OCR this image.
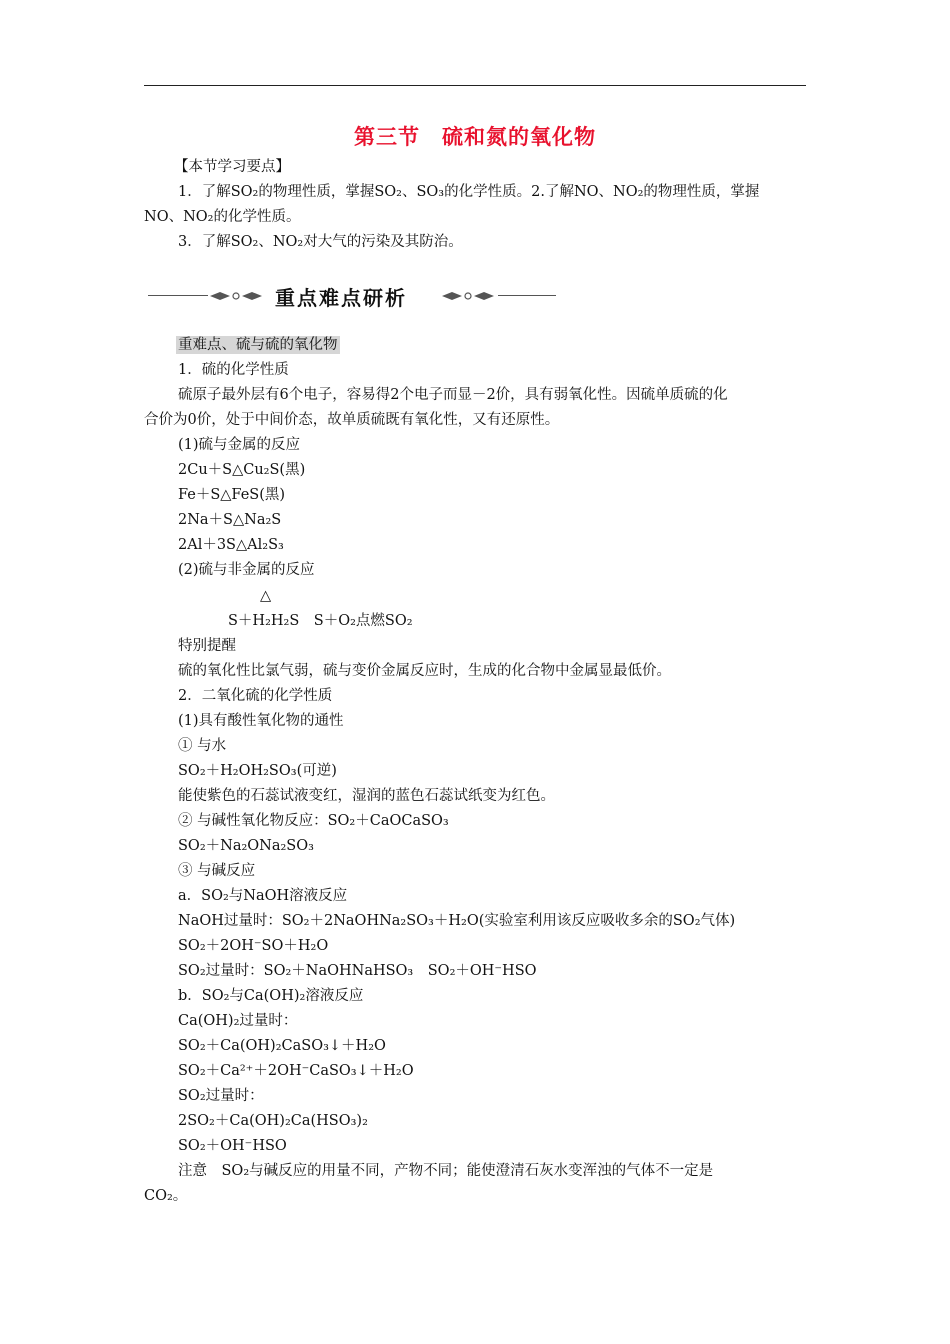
第三节　硫和氮的氧化物
【本节学习要点】
1．了解SO₂的物理性质，掌握SO₂、SO₃的化学性质。2.了解NO、NO₂的物理性质，掌握
NO、NO₂的化学性质。
3．了解SO₂、NO₂对大气的污染及其防治。
重点难点研析
重难点、硫与硫的氧化物
1．硫的化学性质
硫原子最外层有6个电子，容易得2个电子而显－2价，具有弱氧化性。因硫单质硫的化
合价为0价，处于中间价态，故单质硫既有氧化性，又有还原性。
(1)硫与金属的反应
2Cu＋S△Cu₂S(黑)
Fe＋S△FeS(黑)
2Na＋S△Na₂S
2Al＋3S△Al₂S₃
(2)硫与非金属的反应
△
S＋H₂H₂S　S＋O₂点燃SO₂
特别提醒
硫的氧化性比氯气弱，硫与变价金属反应时，生成的化合物中金属显最低价。
2．二氧化硫的化学性质
(1)具有酸性氧化物的通性
① 与水
SO₂＋H₂OH₂SO₃(可逆)
能使紫色的石蕊试液变红，湿润的蓝色石蕊试纸变为红色。
② 与碱性氧化物反应：SO₂＋CaOCaSO₃
SO₂＋Na₂ONa₂SO₃
③ 与碱反应
a．SO₂与NaOH溶液反应
NaOH过量时：SO₂＋2NaOHNa₂SO₃＋H₂O(实验室利用该反应吸收多余的SO₂气体)
SO₂＋2OH⁻SO＋H₂O
SO₂过量时：SO₂＋NaOHNaHSO₃　SO₂＋OH⁻HSO
b．SO₂与Ca(OH)₂溶液反应
Ca(OH)₂过量时：
SO₂＋Ca(OH)₂CaSO₃↓＋H₂O
SO₂＋Ca²⁺＋2OH⁻CaSO₃↓＋H₂O
SO₂过量时：
2SO₂＋Ca(OH)₂Ca(HSO₃)₂
SO₂＋OH⁻HSO
注意　SO₂与碱反应的用量不同，产物不同；能使澄清石灰水变浑浊的气体不一定是
CO₂。
